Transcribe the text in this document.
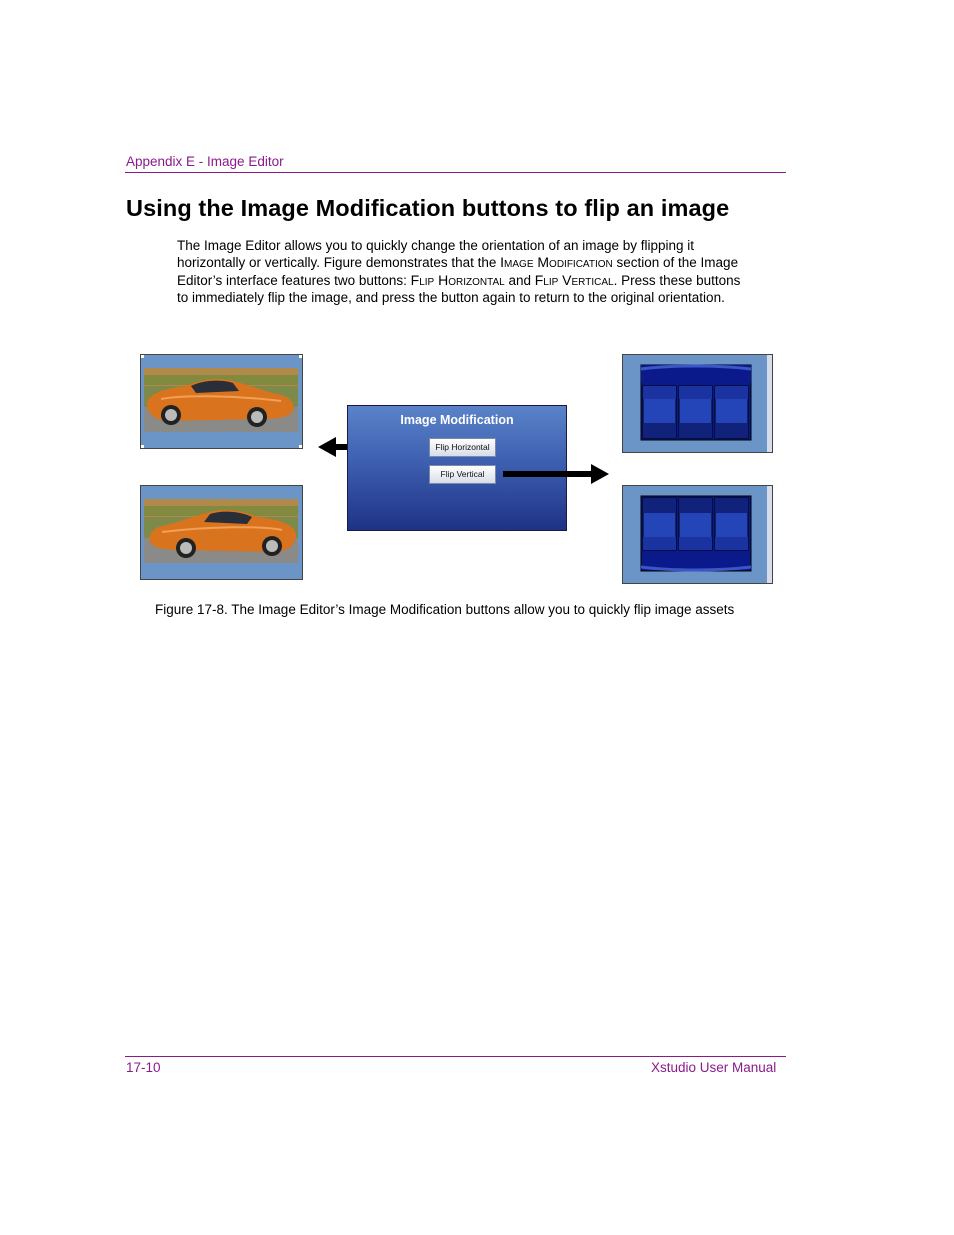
Appendix E - Image Editor
Using the Image Modification buttons to flip an image

The Image Editor allows you to quickly change the orientation of an image by flipping it horizontally or vertically. Figure demonstrates that the Image Modification section of the Image Editor’s interface features two buttons: Flip Horizontal and Flip Vertical. Press these buttons to immediately flip the image, and press the button again to return to the original orientation.

Image Modification
Flip Horizontal
Flip Vertical
Figure 17-8. The Image Editor’s Image Modification buttons allow you to quickly flip image assets
17-10	Xstudio User Manual
